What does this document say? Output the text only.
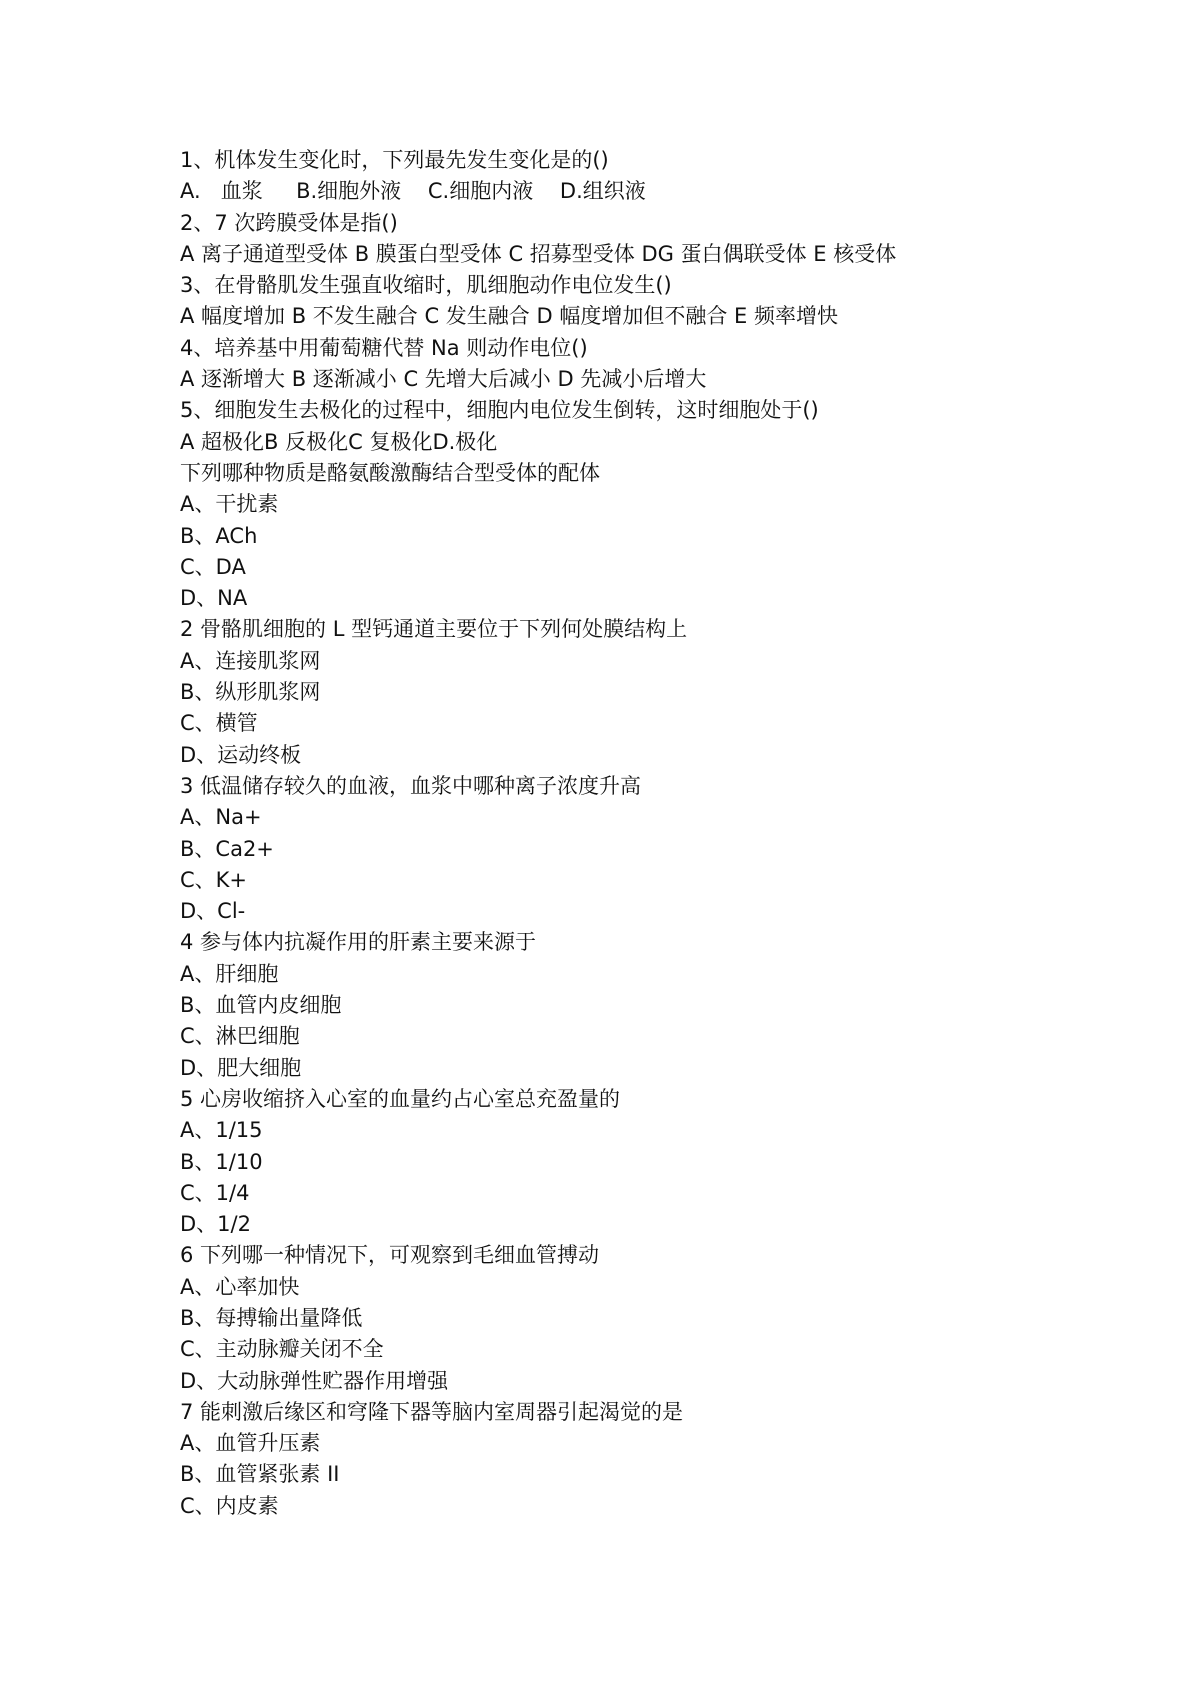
1、机体发生变化时，下列最先发生变化是的()
A.   血浆     B.细胞外液    C.细胞内液    D.组织液
2、7 次跨膜受体是指()
A 离子通道型受体 B 膜蛋白型受体 C 招募型受体 DG 蛋白偶联受体 E 核受体
3、在骨骼肌发生强直收缩时，肌细胞动作电位发生()
A 幅度增加 B 不发生融合 C 发生融合 D 幅度增加但不融合 E 频率增快
4、培养基中用葡萄糖代替 Na 则动作电位()
A 逐渐增大 B 逐渐减小 C 先增大后减小 D 先减小后增大
5、细胞发生去极化的过程中，细胞内电位发生倒转，这时细胞处于()
A 超极化B 反极化C 复极化D.极化
下列哪种物质是酪氨酸激酶结合型受体的配体
A、干扰素
B、ACh
C、DA
D、NA
2 骨骼肌细胞的 L 型钙通道主要位于下列何处膜结构上
A、连接肌浆网
B、纵形肌浆网
C、横管
D、运动终板
3 低温储存较久的血液，血浆中哪种离子浓度升高
A、Na+
B、Ca2+
C、K+
D、Cl-
4 参与体内抗凝作用的肝素主要来源于
A、肝细胞
B、血管内皮细胞
C、淋巴细胞
D、肥大细胞
5 心房收缩挤入心室的血量约占心室总充盈量的
A、1/15
B、1/10
C、1/4
D、1/2
6 下列哪一种情况下，可观察到毛细血管搏动
A、心率加快
B、每搏输出量降低
C、主动脉瓣关闭不全
D、大动脉弹性贮器作用增强
7 能刺激后缘区和穹隆下器等脑内室周器引起渴觉的是
A、血管升压素
B、血管紧张素 II
C、内皮素
